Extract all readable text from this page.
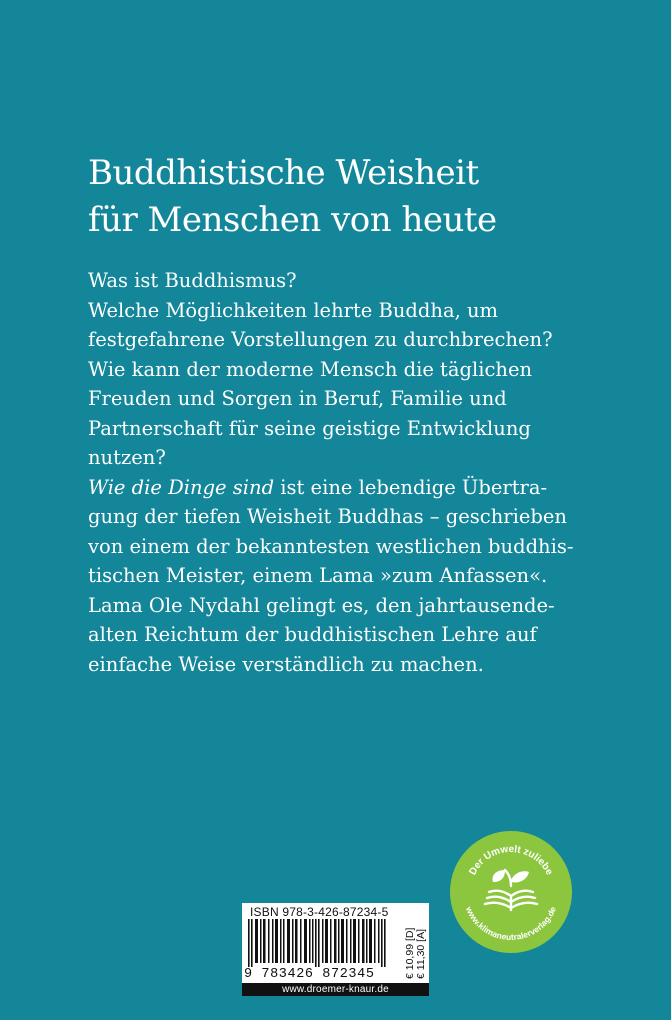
Buddhistische Weisheit
für Menschen von heute
Was ist Buddhismus?
Welche Möglichkeiten lehrte Buddha, um
festgefahrene Vorstellungen zu durchbrechen?
Wie kann der moderne Mensch die täglichen
Freuden und Sorgen in Beruf, Familie und
Partnerschaft für seine geistige Entwicklung
nutzen?
Wie die Dinge sind ist eine lebendige Übertra-
gung der tiefen Weisheit Buddhas – geschrieben
von einem der bekanntesten westlichen buddhis-
tischen Meister, einem Lama »zum Anfassen«.
Lama Ole Nydahl gelingt es, den jahrtausende-
alten Reichtum der buddhistischen Lehre auf
einfache Weise verständlich zu machen.
Der Umwelt zuliebe
www.klimaneutralerverlag.de
ISBN 978-3-426-87234-5
9 783426 872345	€ 10,99 [D] € 11,30 [A]
www.droemer-knaur.de
